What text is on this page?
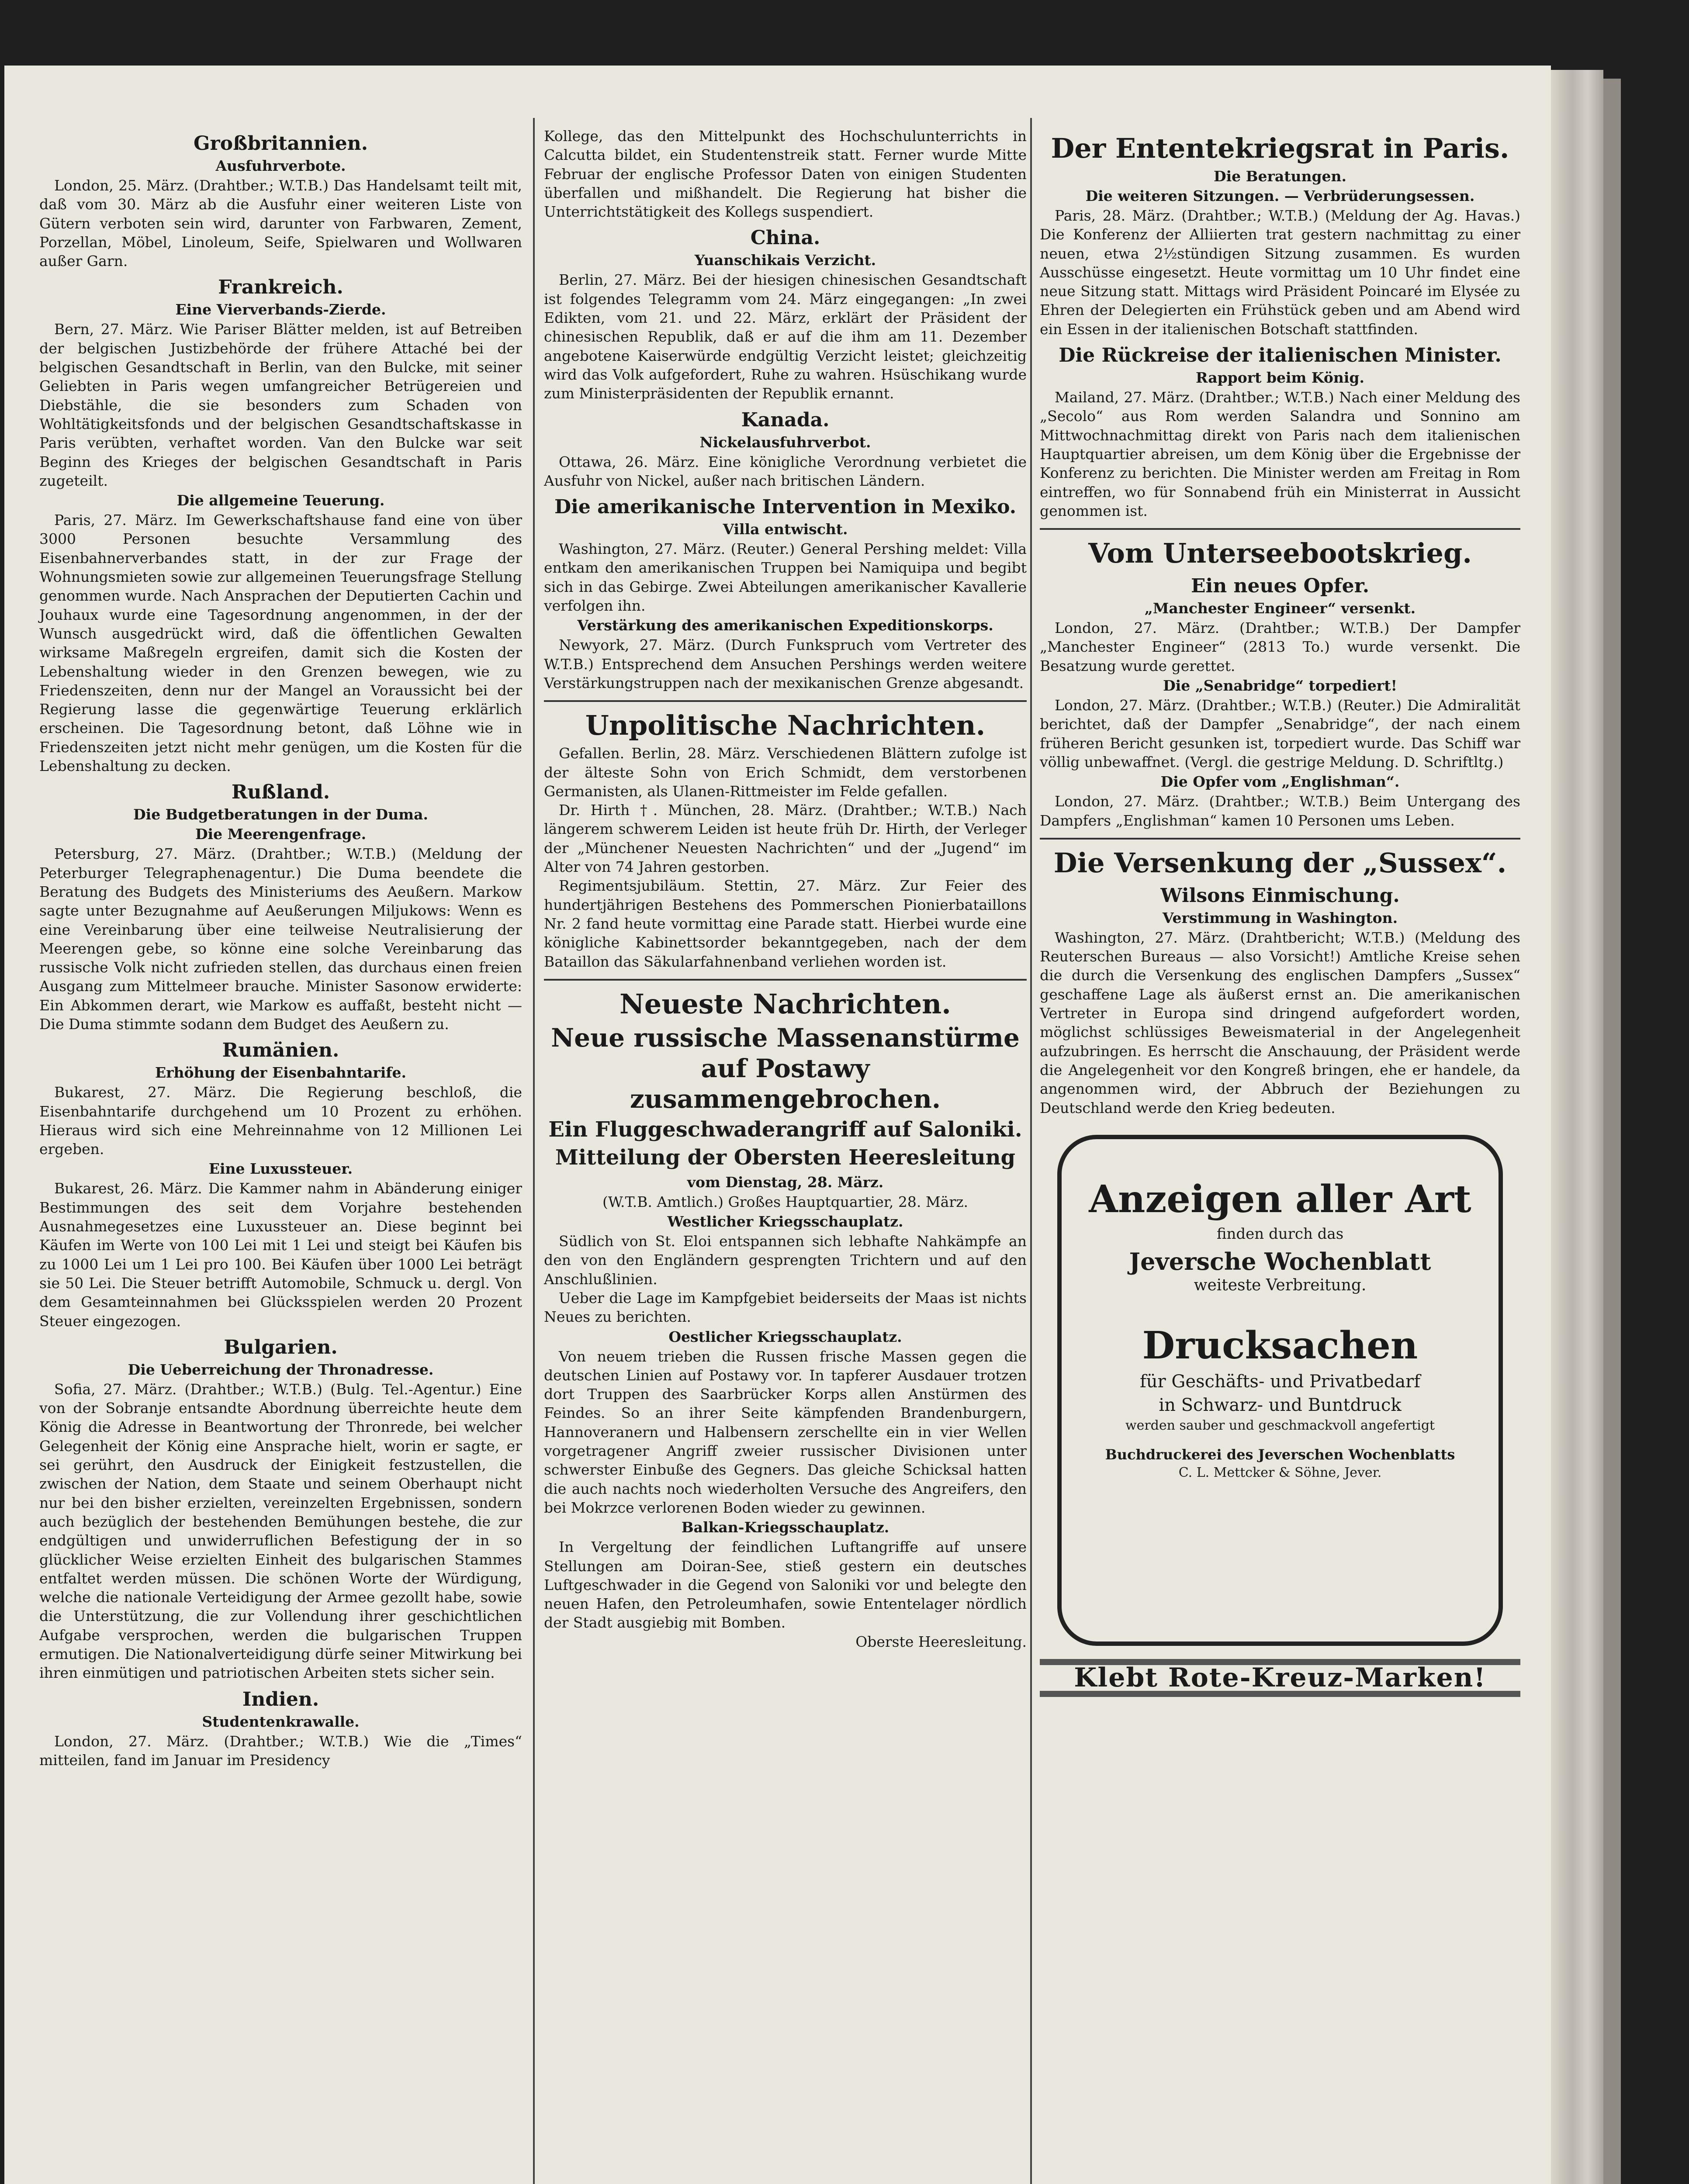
Großbritannien.
Ausfuhrverbote.

London, 25. März. (Drahtber.; W.T.B.) Das Handelsamt teilt mit, daß vom 30. März ab die Ausfuhr einer weiteren Liste von Gütern verboten sein wird, darunter von Farbwaren, Zement, Porzellan, Möbel, Linoleum, Seife, Spielwaren und Wollwaren außer Garn.

Frankreich.
Eine Vierverbands-Zierde.

Bern, 27. März. Wie Pariser Blätter melden, ist auf Betreiben der belgischen Justizbehörde der frühere Attaché bei der belgischen Gesandtschaft in Berlin, van den Bulcke, mit seiner Geliebten in Paris wegen umfangreicher Betrügereien und Diebstähle, die sie besonders zum Schaden von Wohltätigkeitsfonds und der belgischen Gesandtschaftskasse in Paris verübten, verhaftet worden. Van den Bulcke war seit Beginn des Krieges der belgischen Gesandtschaft in Paris zugeteilt.

Die allgemeine Teuerung.

Paris, 27. März. Im Gewerkschaftshause fand eine von über 3000 Personen besuchte Versammlung des Eisenbahnerverbandes statt, in der zur Frage der Wohnungsmieten sowie zur allgemeinen Teuerungsfrage Stellung genommen wurde. Nach Ansprachen der Deputierten Cachin und Jouhaux wurde eine Tagesordnung angenommen, in der der Wunsch ausgedrückt wird, daß die öffentlichen Gewalten wirksame Maßregeln ergreifen, damit sich die Kosten der Lebenshaltung wieder in den Grenzen bewegen, wie zu Friedenszeiten, denn nur der Mangel an Voraussicht bei der Regierung lasse die gegenwärtige Teuerung erklärlich erscheinen. Die Tagesordnung betont, daß Löhne wie in Friedenszeiten jetzt nicht mehr genügen, um die Kosten für die Lebenshaltung zu decken.

Rußland.
Die Budgetberatungen in der Duma.
Die Meerengenfrage.

Petersburg, 27. März. (Drahtber.; W.T.B.) (Meldung der Peterburger Telegraphenagentur.) Die Duma beendete die Beratung des Budgets des Ministeriums des Aeußern. Markow sagte unter Bezugnahme auf Aeußerungen Miljukows: Wenn es eine Vereinbarung über eine teilweise Neutralisierung der Meerengen gebe, so könne eine solche Vereinbarung das russische Volk nicht zufrieden stellen, das durchaus einen freien Ausgang zum Mittelmeer brauche. Minister Sasonow erwiderte: Ein Abkommen derart, wie Markow es auffaßt, besteht nicht — Die Duma stimmte sodann dem Budget des Aeußern zu.

Rumänien.
Erhöhung der Eisenbahntarife.

Bukarest, 27. März. Die Regierung beschloß, die Eisenbahntarife durchgehend um 10 Prozent zu erhöhen. Hieraus wird sich eine Mehreinnahme von 12 Millionen Lei ergeben.

Eine Luxussteuer.

Bukarest, 26. März. Die Kammer nahm in Abänderung einiger Bestimmungen des seit dem Vorjahre bestehenden Ausnahmegesetzes eine Luxussteuer an. Diese beginnt bei Käufen im Werte von 100 Lei mit 1 Lei und steigt bei Käufen bis zu 1000 Lei um 1 Lei pro 100. Bei Käufen über 1000 Lei beträgt sie 50 Lei. Die Steuer betrifft Automobile, Schmuck u. dergl. Von dem Gesamteinnahmen bei Glücksspielen werden 20 Prozent Steuer eingezogen.

Bulgarien.
Die Ueberreichung der Thronadresse.

Sofia, 27. März. (Drahtber.; W.T.B.) (Bulg. Tel.-Agentur.) Eine von der Sobranje entsandte Abordnung überreichte heute dem König die Adresse in Beantwortung der Thronrede, bei welcher Gelegenheit der König eine Ansprache hielt, worin er sagte, er sei gerührt, den Ausdruck der Einigkeit festzustellen, die zwischen der Nation, dem Staate und seinem Oberhaupt nicht nur bei den bisher erzielten, vereinzelten Ergebnissen, sondern auch bezüglich der bestehenden Bemühungen bestehe, die zur endgültigen und unwiderruflichen Befestigung der in so glücklicher Weise erzielten Einheit des bulgarischen Stammes entfaltet werden müssen. Die schönen Worte der Würdigung, welche die nationale Verteidigung der Armee gezollt habe, sowie die Unterstützung, die zur Vollendung ihrer geschichtlichen Aufgabe versprochen, werden die bulgarischen Truppen ermutigen. Die Nationalverteidigung dürfe seiner Mitwirkung bei ihren einmütigen und patriotischen Arbeiten stets sicher sein.

Indien.
Studentenkrawalle.

London, 27. März. (Drahtber.; W.T.B.) Wie die „Times“ mitteilen, fand im Januar im Presidency

Kollege, das den Mittelpunkt des Hochschulunterrichts in Calcutta bildet, ein Studentenstreik statt. Ferner wurde Mitte Februar der englische Professor Daten von einigen Studenten überfallen und mißhandelt. Die Regierung hat bisher die Unterrichtstätigkeit des Kollegs suspendiert.

China.
Yuanschikais Verzicht.

Berlin, 27. März. Bei der hiesigen chinesischen Gesandtschaft ist folgendes Telegramm vom 24. März eingegangen: „In zwei Edikten, vom 21. und 22. März, erklärt der Präsident der chinesischen Republik, daß er auf die ihm am 11. Dezember angebotene Kaiserwürde endgültig Verzicht leistet; gleichzeitig wird das Volk aufgefordert, Ruhe zu wahren. Hsüschikang wurde zum Ministerpräsidenten der Republik ernannt.

Kanada.
Nickelausfuhrverbot.

Ottawa, 26. März. Eine königliche Verordnung verbietet die Ausfuhr von Nickel, außer nach britischen Ländern.

Die amerikanische Intervention in Mexiko.
Villa entwischt.

Washington, 27. März. (Reuter.) General Pershing meldet: Villa entkam den amerikanischen Truppen bei Namiquipa und begibt sich in das Gebirge. Zwei Abteilungen amerikanischer Kavallerie verfolgen ihn.

Verstärkung des amerikanischen Expeditionskorps.

Newyork, 27. März. (Durch Funkspruch vom Vertreter des W.T.B.) Entsprechend dem Ansuchen Pershings werden weitere Verstärkungstruppen nach der mexikanischen Grenze abgesandt.

Unpolitische Nachrichten.

Gefallen. Berlin, 28. März. Verschiedenen Blättern zufolge ist der älteste Sohn von Erich Schmidt, dem verstorbenen Germanisten, als Ulanen-Rittmeister im Felde gefallen.

Dr. Hirth †. München, 28. März. (Drahtber.; W.T.B.) Nach längerem schwerem Leiden ist heute früh Dr. Hirth, der Verleger der „Münchener Neuesten Nachrichten“ und der „Jugend“ im Alter von 74 Jahren gestorben.

Regimentsjubiläum. Stettin, 27. März. Zur Feier des hundertjährigen Bestehens des Pommerschen Pionierbataillons Nr. 2 fand heute vormittag eine Parade statt. Hierbei wurde eine königliche Kabinettsorder bekanntgegeben, nach der dem Bataillon das Säkularfahnenband verliehen worden ist.

Neueste Nachrichten.
Neue russische Massenanstürme auf Postawy zusammengebrochen.
Ein Fluggeschwaderangriff auf Saloniki.
Mitteilung der Obersten Heeresleitung
vom Dienstag, 28. März.

(W.T.B. Amtlich.) Großes Hauptquartier, 28. März.

Westlicher Kriegsschauplatz.

Südlich von St. Eloi entspannen sich lebhafte Nahkämpfe an den von den Engländern gesprengten Trichtern und auf den Anschlußlinien.

Ueber die Lage im Kampfgebiet beiderseits der Maas ist nichts Neues zu berichten.

Oestlicher Kriegsschauplatz.

Von neuem trieben die Russen frische Massen gegen die deutschen Linien auf Postawy vor. In tapferer Ausdauer trotzen dort Truppen des Saarbrücker Korps allen Anstürmen des Feindes. So an ihrer Seite kämpfenden Brandenburgern, Hannoveranern und Halbensern zerschellte ein in vier Wellen vorgetragener Angriff zweier russischer Divisionen unter schwerster Einbuße des Gegners. Das gleiche Schicksal hatten die auch nachts noch wiederholten Versuche des Angreifers, den bei Mokrzce verlorenen Boden wieder zu gewinnen.

Balkan-Kriegsschauplatz.

In Vergeltung der feindlichen Luftangriffe auf unsere Stellungen am Doiran-See, stieß gestern ein deutsches Luftgeschwader in die Gegend von Saloniki vor und belegte den neuen Hafen, den Petroleumhafen, sowie Ententelager nördlich der Stadt ausgiebig mit Bomben.

Oberste Heeresleitung.

Der Ententekriegsrat in Paris.
Die Beratungen.
Die weiteren Sitzungen. — Verbrüderungsessen.

Paris, 28. März. (Drahtber.; W.T.B.) (Meldung der Ag. Havas.) Die Konferenz der Alliierten trat gestern nachmittag zu einer neuen, etwa 2½stündigen Sitzung zusammen. Es wurden Ausschüsse eingesetzt. Heute vormittag um 10 Uhr findet eine neue Sitzung statt. Mittags wird Präsident Poincaré im Elysée zu Ehren der Delegierten ein Frühstück geben und am Abend wird ein Essen in der italienischen Botschaft stattfinden.

Die Rückreise der italienischen Minister.
Rapport beim König.

Mailand, 27. März. (Drahtber.; W.T.B.) Nach einer Meldung des „Secolo“ aus Rom werden Salandra und Sonnino am Mittwochnachmittag direkt von Paris nach dem italienischen Hauptquartier abreisen, um dem König über die Ergebnisse der Konferenz zu berichten. Die Minister werden am Freitag in Rom eintreffen, wo für Sonnabend früh ein Ministerrat in Aussicht genommen ist.

Vom Unterseebootskrieg.
Ein neues Opfer.
„Manchester Engineer“ versenkt.

London, 27. März. (Drahtber.; W.T.B.) Der Dampfer „Manchester Engineer“ (2813 To.) wurde versenkt. Die Besatzung wurde gerettet.

Die „Senabridge“ torpediert!

London, 27. März. (Drahtber.; W.T.B.) (Reuter.) Die Admiralität berichtet, daß der Dampfer „Senabridge“, der nach einem früheren Bericht gesunken ist, torpediert wurde. Das Schiff war völlig unbewaffnet. (Vergl. die gestrige Meldung. D. Schriftltg.)

Die Opfer vom „Englishman“.

London, 27. März. (Drahtber.; W.T.B.) Beim Untergang des Dampfers „Englishman“ kamen 10 Personen ums Leben.

Die Versenkung der „Sussex“.
Wilsons Einmischung.
Verstimmung in Washington.

Washington, 27. März. (Drahtbericht; W.T.B.) (Meldung des Reuterschen Bureaus — also Vorsicht!) Amtliche Kreise sehen die durch die Versenkung des englischen Dampfers „Sussex“ geschaffene Lage als äußerst ernst an. Die amerikanischen Vertreter in Europa sind dringend aufgefordert worden, möglichst schlüssiges Beweismaterial in der Angelegenheit aufzubringen. Es herrscht die Anschauung, der Präsident werde die Angelegenheit vor den Kongreß bringen, ehe er handele, da angenommen wird, der Abbruch der Beziehungen zu Deutschland werde den Krieg bedeuten.

Anzeigen aller Art
finden durch das
Jeversche Wochenblatt
weiteste Verbreitung.
Drucksachen
für Geschäfts- und Privatbedarf
in Schwarz- und Buntdruck
werden sauber und geschmackvoll angefertigt
Buchdruckerei des Jeverschen Wochenblatts
C. L. Mettcker & Söhne, Jever.
Klebt Rote-Kreuz-Marken!
